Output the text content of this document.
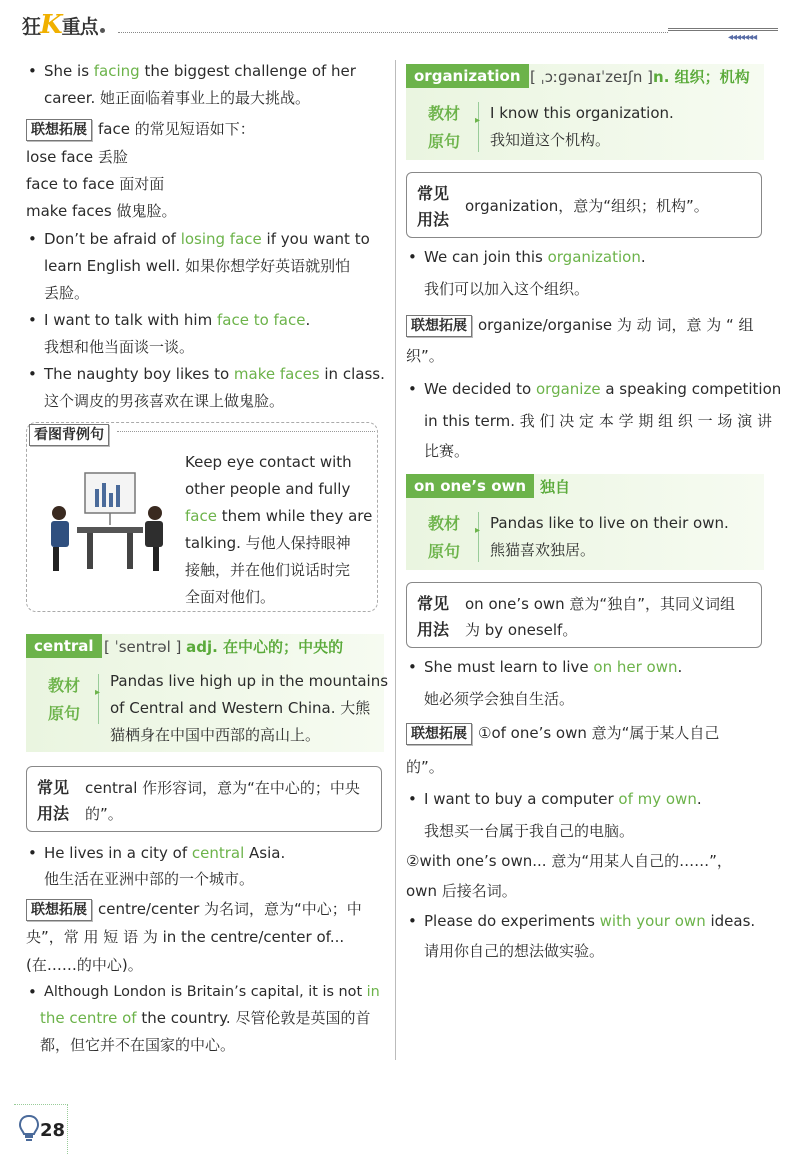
狂K重点	◂◂◂◂◂◂◂
• She is facing the biggest challenge of her
career. 她正面临着事业上的最大挑战。
联想拓展 face 的常见短语如下：
lose face 丢脸
face to face 面对面
make faces 做鬼脸。
• Don’t be afraid of losing face if you want to
learn English well. 如果你想学好英语就别怕
丢脸。
• I want to talk with him face to face.
我想和他当面谈一谈。
• The naughty boy likes to make faces in class.
这个调皮的男孩喜欢在课上做鬼脸。
看图背例句
Keep eye contact with
other people and fully
face them while they are
talking. 与他人保持眼神
接触，并在他们说话时完
全面对他们。
central [ ˈsentrəl ] adj. 在中心的；中央的
教材
原句
▸
Pandas live high up in the mountains
of Central and Western China. 大熊
猫栖身在中国中西部的高山上。
常见
用法
central 作形容词，意为“在中心的；中央
的”。
• He lives in a city of central Asia.
他生活在亚洲中部的一个城市。
联想拓展 centre/center 为名词，意为“中心；中
央”，常 用 短 语 为 in the centre/center of...
(在……的中心)。
• Although London is Britain’s capital, it is not in
the centre of the country. 尽管伦敦是英国的首
都，但它并不在国家的中心。
organization [ ˌɔːɡənaɪˈzeɪʃn ]n. 组织；机构
教材
原句
▸
I know this organization.
我知道这个机构。
常见
用法
organization，意为“组织；机构”。
• We can join this organization.
我们可以加入这个组织。
联想拓展 organize/organise 为 动 词，意 为 “ 组
织”。
• We decided to organize a speaking competition
in this term. 我 们 决 定 本 学 期 组 织 一 场 演 讲
比赛。
on one’s own 独自
教材
原句
▸
Pandas like to live on their own.
熊猫喜欢独居。
常见
用法
on one’s own 意为“独自”，其同义词组
为 by oneself。
• She must learn to live on her own.
她必须学会独自生活。
联想拓展 ①of one’s own 意为“属于某人自己
的”。
• I want to buy a computer of my own.
我想买一台属于我自己的电脑。
②with one’s own... 意为“用某人自己的……”，
own 后接名词。
• Please do experiments with your own ideas.
请用你自己的想法做实验。
28
